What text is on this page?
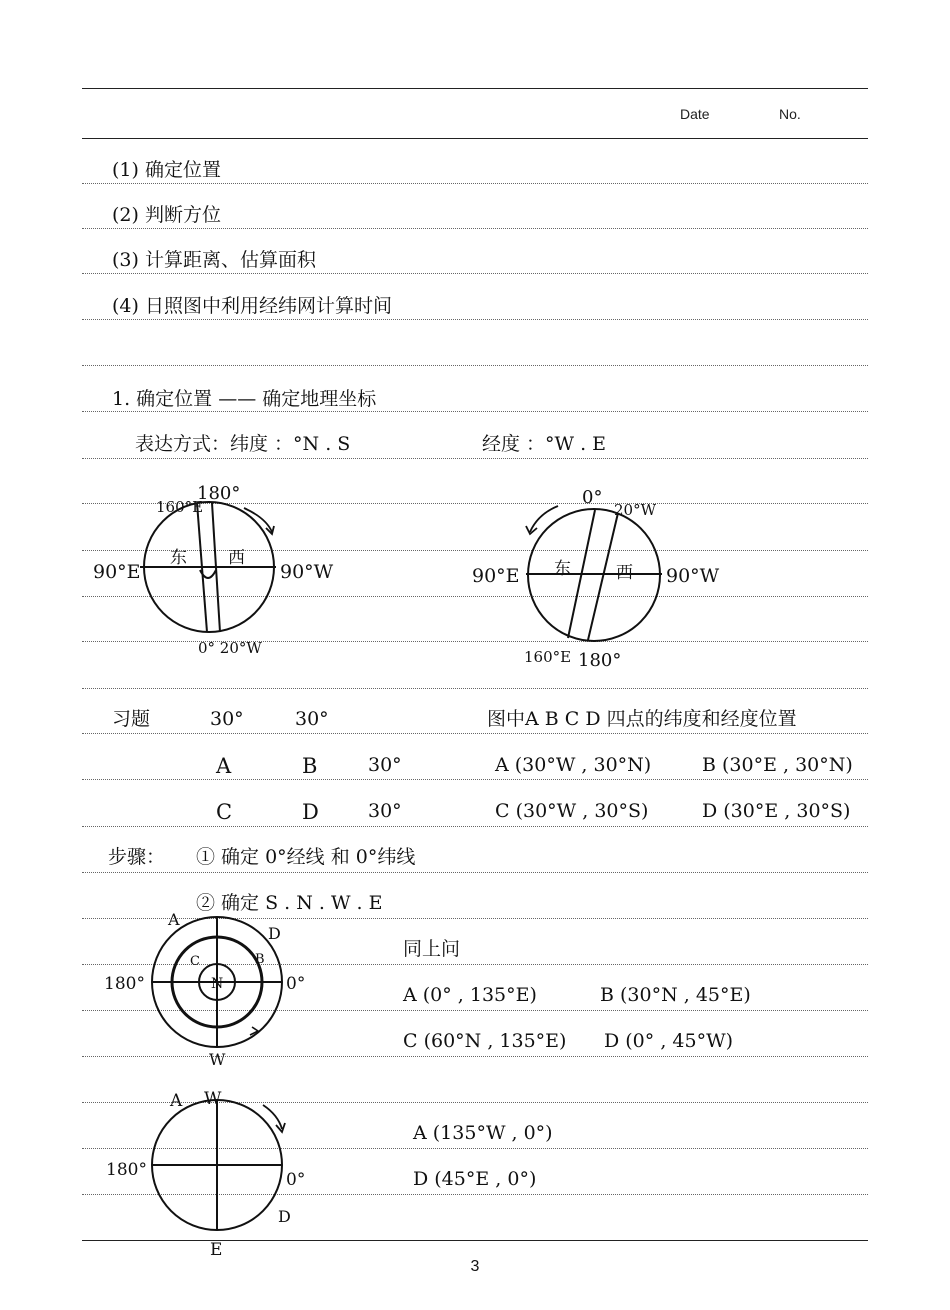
Date	No.
(1) 确定位置
(2) 判断方位
(3) 计算距离、估算面积
(4) 日照图中利用经纬网计算时间
1. 确定位置 —— 确定地理坐标
表达方式：纬度 ：°N . S	经度 ：°W . E
160°E
180°
90°E	90°W
东 西
0° 20°W
0°
20°W
90°E	90°W
东	西
160°E 180°
习题	30°	30°	图中A B C D 四点的纬度和经度位置
A	B	30°	A (30°W , 30°N)	B (30°E , 30°N)
C	D	30°	C (30°W , 30°S)	D (30°E , 30°S)
步骤： ① 确定 0°经线 和 0°纬线
② 确定 S . N . W . E
A
D
C	B
N
180°	0°
W
同上问
A (0° , 135°E)	B (30°N , 45°E)
C (60°N , 135°E) D (0° , 45°W)
A W
180°	0°
D
E
A (135°W , 0°)
D (45°E , 0°)
3
